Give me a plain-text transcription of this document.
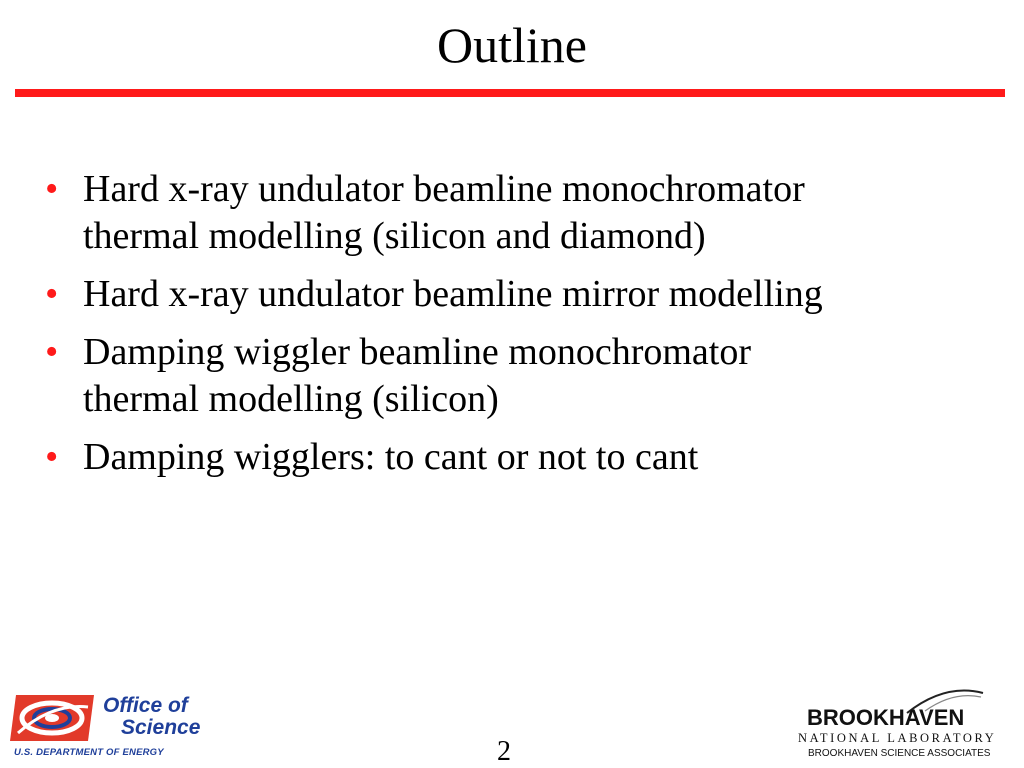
Outline
• Hard x-ray undulator beamline monochromator
thermal modelling (silicon and diamond)
• Hard x-ray undulator beamline mirror modelling
• Damping wiggler beamline monochromator
thermal modelling (silicon)
• Damping wigglers: to cant or not to cant
Office of
Science
U.S. DEPARTMENT OF ENERGY	2
BROOKHAVEN
NATIONAL LABORATORY
BROOKHAVEN SCIENCE ASSOCIATES
